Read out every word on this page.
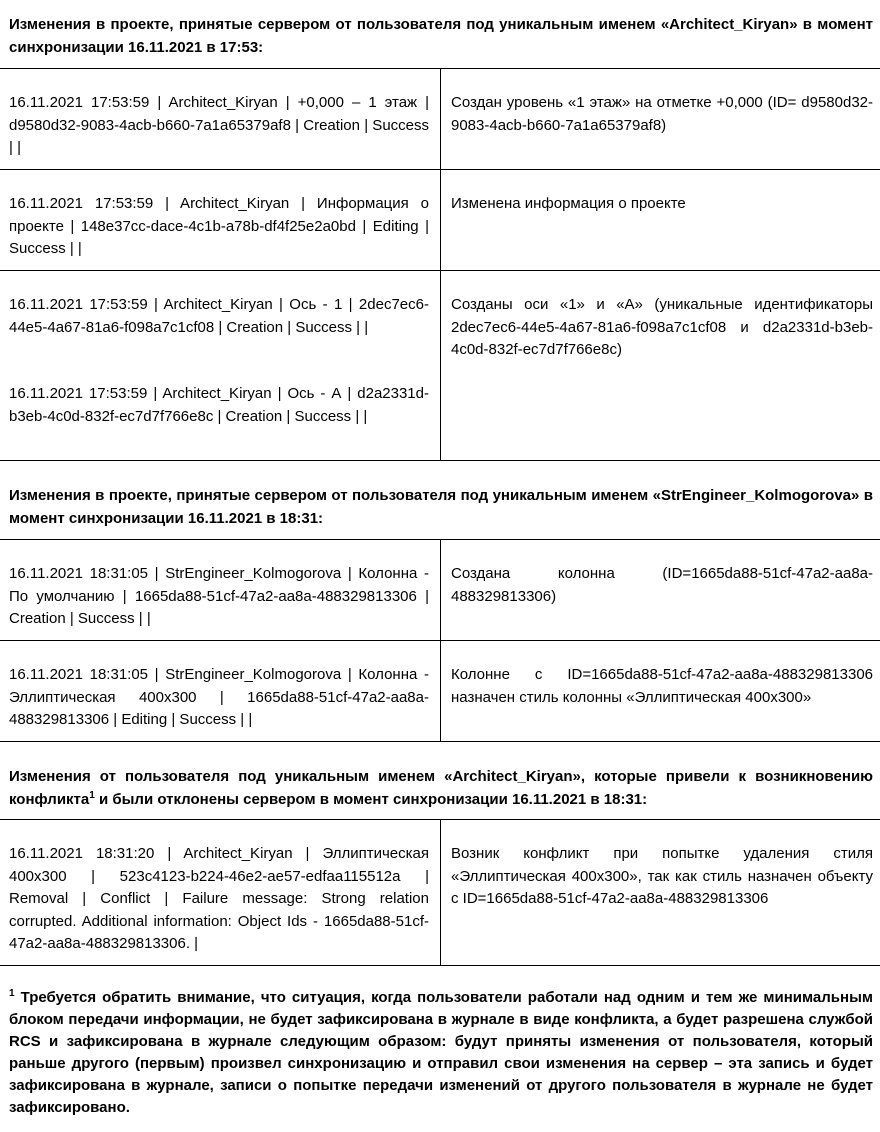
Изменения в проекте, принятые сервером от пользователя под уникальным именем «Architect_Kiryan» в момент синхронизации 16.11.2021 в 17:53:

16.11.2021 17:53:59 | Architect_Kiryan | +0,000 – 1 этаж | d9580d32-9083-4acb-b660-7a1a65379af8 | Creation | Success | |

Создан уровень «1 этаж» на отметке +0,000 (ID= d9580d32-9083-4acb-b660-7a1a65379af8)

16.11.2021 17:53:59 | Architect_Kiryan | Информация о проекте | 148e37cc-dace-4c1b-a78b-df4f25e2a0bd | Editing | Success | |

Изменена информация о проекте

16.11.2021 17:53:59 | Architect_Kiryan | Ось - 1 | 2dec7ec6-44e5-4a67-81a6-f098a7c1cf08 | Creation | Success | |

16.11.2021 17:53:59 | Architect_Kiryan | Ось - А | d2a2331d-b3eb-4c0d-832f-ec7d7f766e8c | Creation | Success | |

Созданы оси «1» и «А» (уникальные идентификаторы 2dec7ec6-44e5-4a67-81a6-f098a7c1cf08 и d2a2331d-b3eb-4c0d-832f-ec7d7f766e8c)
Изменения в проекте, принятые сервером от пользователя под уникальным именем «StrEngineer_Kolmogorova» в момент синхронизации 16.11.2021 в 18:31:

16.11.2021 18:31:05 | StrEngineer_Kolmogorova | Колонна - По умолчанию | 1665da88-51cf-47a2-aa8a-488329813306 | Creation | Success | |

Создана колонна (ID=1665da88-51cf-47a2-aa8a-488329813306)

16.11.2021 18:31:05 | StrEngineer_Kolmogorova | Колонна - Эллиптическая 400x300 | 1665da88-51cf-47a2-aa8a-488329813306 | Editing | Success | |

Колонне с ID=1665da88-51cf-47a2-aa8a-488329813306 назначен стиль колонны «Эллиптическая 400x300»
Изменения от пользователя под уникальным именем «Architect_Kiryan», которые привели к возникновению конфликта$^1$ и были отклонены сервером в момент синхронизации 16.11.2021 в 18:31:

16.11.2021 18:31:20 | Architect_Kiryan | Эллиптическая 400x300 | 523c4123-b224-46e2-ae57-edfaa115512a | Removal | Conflict | Failure message: Strong relation corrupted. Additional information: Object Ids - 1665da88-51cf-47a2-aa8a-488329813306. |

Возник конфликт при попытке удаления стиля «Эллиптическая 400x300», так как стиль назначен объекту с ID=1665da88-51cf-47a2-aa8a-488329813306
$^1$ Требуется обратить внимание, что ситуация, когда пользователи работали над одним и тем же минимальным блоком передачи информации, не будет зафиксирована в журнале в виде конфликта, а будет разрешена службой RCS и зафиксирована в журнале следующим образом: будут приняты изменения от пользователя, который раньше другого (первым) произвел синхронизацию и отправил свои изменения на сервер – эта запись и будет зафиксирована в журнале, записи о попытке передачи изменений от другого пользователя в журнале не будет зафиксировано.
